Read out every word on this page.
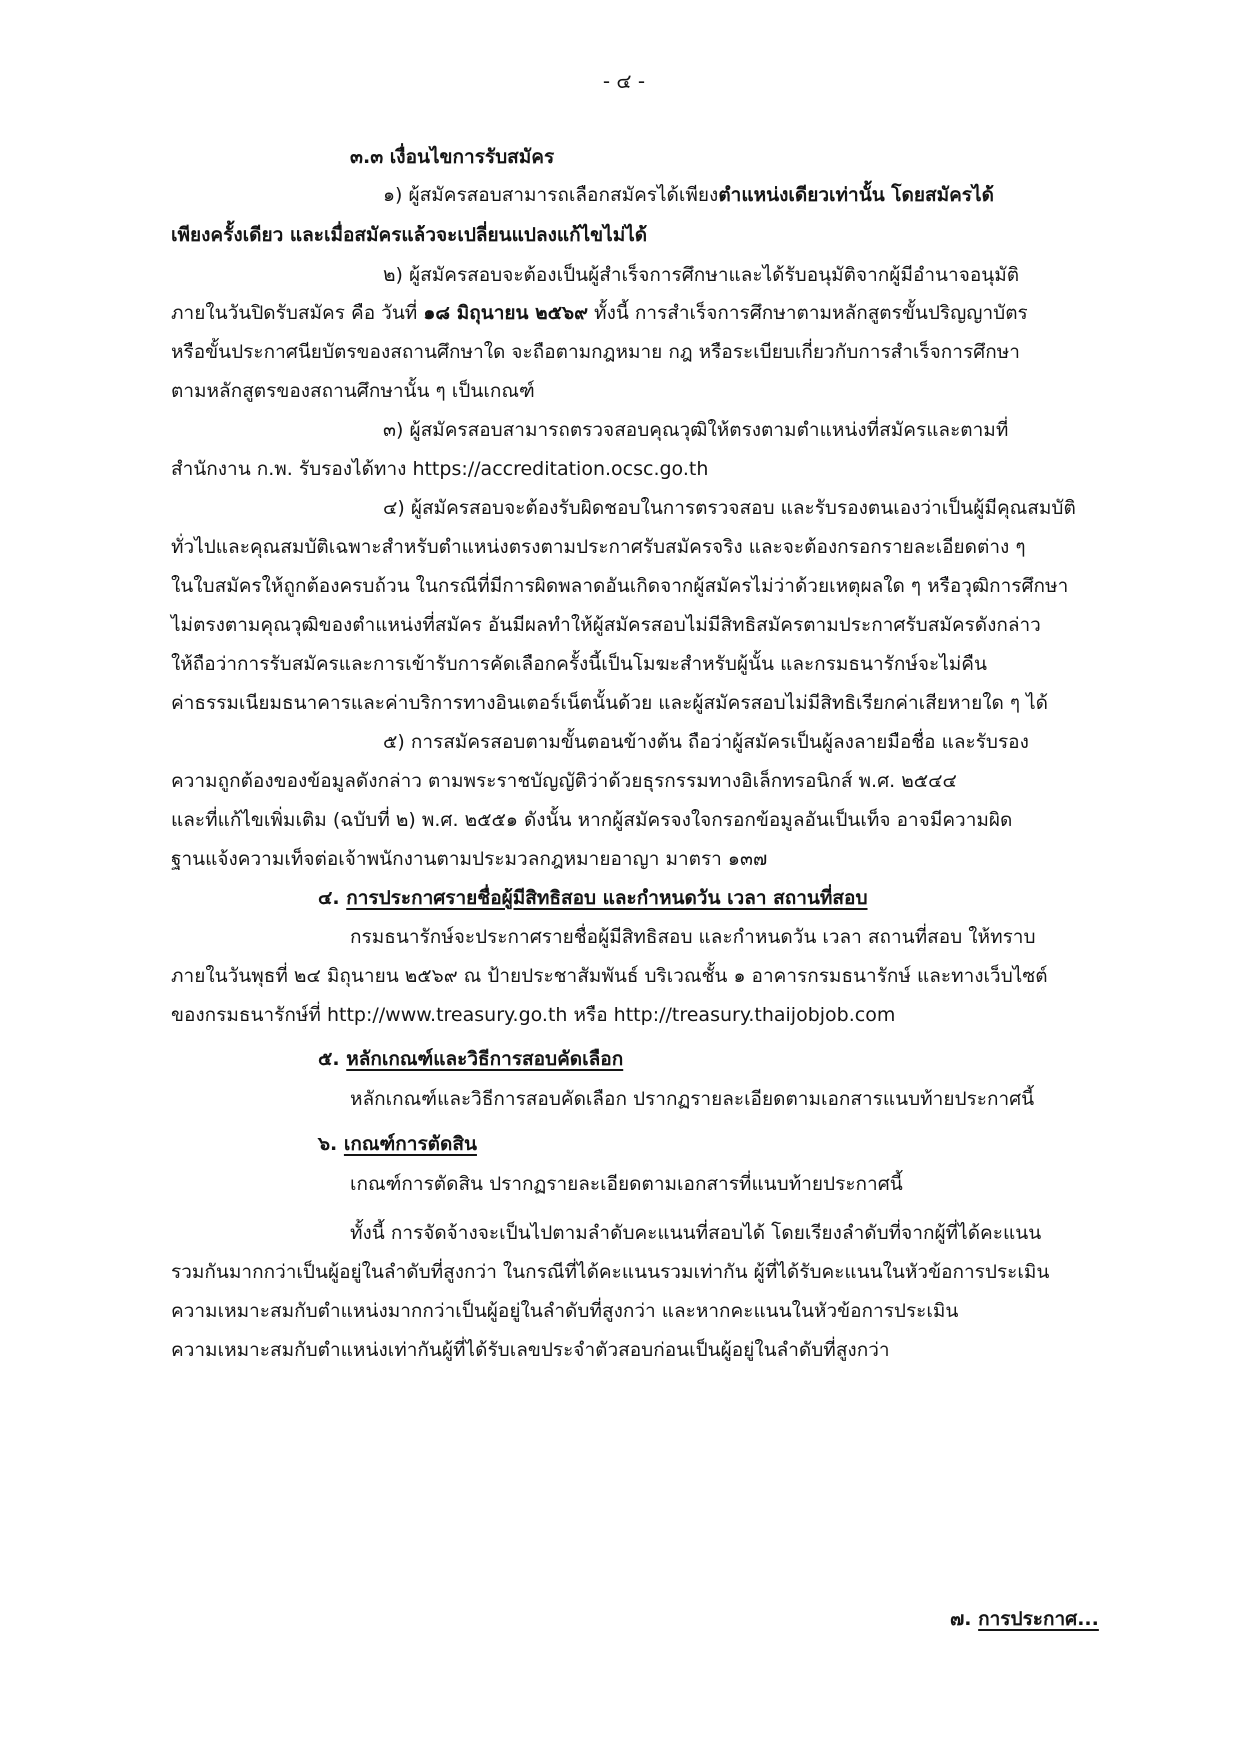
- ๔ -
๓.๓ เงื่อนไขการรับสมัคร
๑) ผู้สมัครสอบสามารถเลือกสมัครได้เพียงตำแหน่งเดียวเท่านั้น โดยสมัครได้
เพียงครั้งเดียว และเมื่อสมัครแล้วจะเปลี่ยนแปลงแก้ไขไม่ได้
๒) ผู้สมัครสอบจะต้องเป็นผู้สำเร็จการศึกษาและได้รับอนุมัติจากผู้มีอำนาจอนุมัติ
ภายในวันปิดรับสมัคร คือ วันที่ ๑๘ มิถุนายน ๒๕๖๙ ทั้งนี้ การสำเร็จการศึกษาตามหลักสูตรขั้นปริญญาบัตร
หรือขั้นประกาศนียบัตรของสถานศึกษาใด จะถือตามกฎหมาย กฎ หรือระเบียบเกี่ยวกับการสำเร็จการศึกษา
ตามหลักสูตรของสถานศึกษานั้น ๆ เป็นเกณฑ์
๓) ผู้สมัครสอบสามารถตรวจสอบคุณวุฒิให้ตรงตามตำแหน่งที่สมัครและตามที่
สำนักงาน ก.พ. รับรองได้ทาง https://accreditation.ocsc.go.th
๔) ผู้สมัครสอบจะต้องรับผิดชอบในการตรวจสอบ และรับรองตนเองว่าเป็นผู้มีคุณสมบัติ
ทั่วไปและคุณสมบัติเฉพาะสำหรับตำแหน่งตรงตามประกาศรับสมัครจริง และจะต้องกรอกรายละเอียดต่าง ๆ
ในใบสมัครให้ถูกต้องครบถ้วน ในกรณีที่มีการผิดพลาดอันเกิดจากผู้สมัครไม่ว่าด้วยเหตุผลใด ๆ หรือวุฒิการศึกษา
ไม่ตรงตามคุณวุฒิของตำแหน่งที่สมัคร อันมีผลทำให้ผู้สมัครสอบไม่มีสิทธิสมัครตามประกาศรับสมัครดังกล่าว
ให้ถือว่าการรับสมัครและการเข้ารับการคัดเลือกครั้งนี้เป็นโมฆะสำหรับผู้นั้น และกรมธนารักษ์จะไม่คืน
ค่าธรรมเนียมธนาคารและค่าบริการทางอินเตอร์เน็ตนั้นด้วย และผู้สมัครสอบไม่มีสิทธิเรียกค่าเสียหายใด ๆ ได้
๕) การสมัครสอบตามขั้นตอนข้างต้น ถือว่าผู้สมัครเป็นผู้ลงลายมือชื่อ และรับรอง
ความถูกต้องของข้อมูลดังกล่าว ตามพระราชบัญญัติว่าด้วยธุรกรรมทางอิเล็กทรอนิกส์ พ.ศ. ๒๕๔๔
และที่แก้ไขเพิ่มเติม (ฉบับที่ ๒) พ.ศ. ๒๕๕๑ ดังนั้น หากผู้สมัครจงใจกรอกข้อมูลอันเป็นเท็จ อาจมีความผิด
ฐานแจ้งความเท็จต่อเจ้าพนักงานตามประมวลกฎหมายอาญา มาตรา ๑๓๗
๔. การประกาศรายชื่อผู้มีสิทธิสอบ และกำหนดวัน เวลา สถานที่สอบ
กรมธนารักษ์จะประกาศรายชื่อผู้มีสิทธิสอบ และกำหนดวัน เวลา สถานที่สอบ ให้ทราบ
ภายในวันพุธที่ ๒๔ มิถุนายน ๒๕๖๙ ณ ป้ายประชาสัมพันธ์ บริเวณชั้น ๑ อาคารกรมธนารักษ์ และทางเว็บไซต์
ของกรมธนารักษ์ที่ http://www.treasury.go.th หรือ http://treasury.thaijobjob.com
๕. หลักเกณฑ์และวิธีการสอบคัดเลือก
หลักเกณฑ์และวิธีการสอบคัดเลือก ปรากฏรายละเอียดตามเอกสารแนบท้ายประกาศนี้
๖. เกณฑ์การตัดสิน
เกณฑ์การตัดสิน ปรากฏรายละเอียดตามเอกสารที่แนบท้ายประกาศนี้
ทั้งนี้ การจัดจ้างจะเป็นไปตามลำดับคะแนนที่สอบได้ โดยเรียงลำดับที่จากผู้ที่ได้คะแนน
รวมกันมากกว่าเป็นผู้อยู่ในลำดับที่สูงกว่า ในกรณีที่ได้คะแนนรวมเท่ากัน ผู้ที่ได้รับคะแนนในหัวข้อการประเมิน
ความเหมาะสมกับตำแหน่งมากกว่าเป็นผู้อยู่ในลำดับที่สูงกว่า และหากคะแนนในหัวข้อการประเมิน
ความเหมาะสมกับตำแหน่งเท่ากันผู้ที่ได้รับเลขประจำตัวสอบก่อนเป็นผู้อยู่ในลำดับที่สูงกว่า
๗. การประกาศ...
